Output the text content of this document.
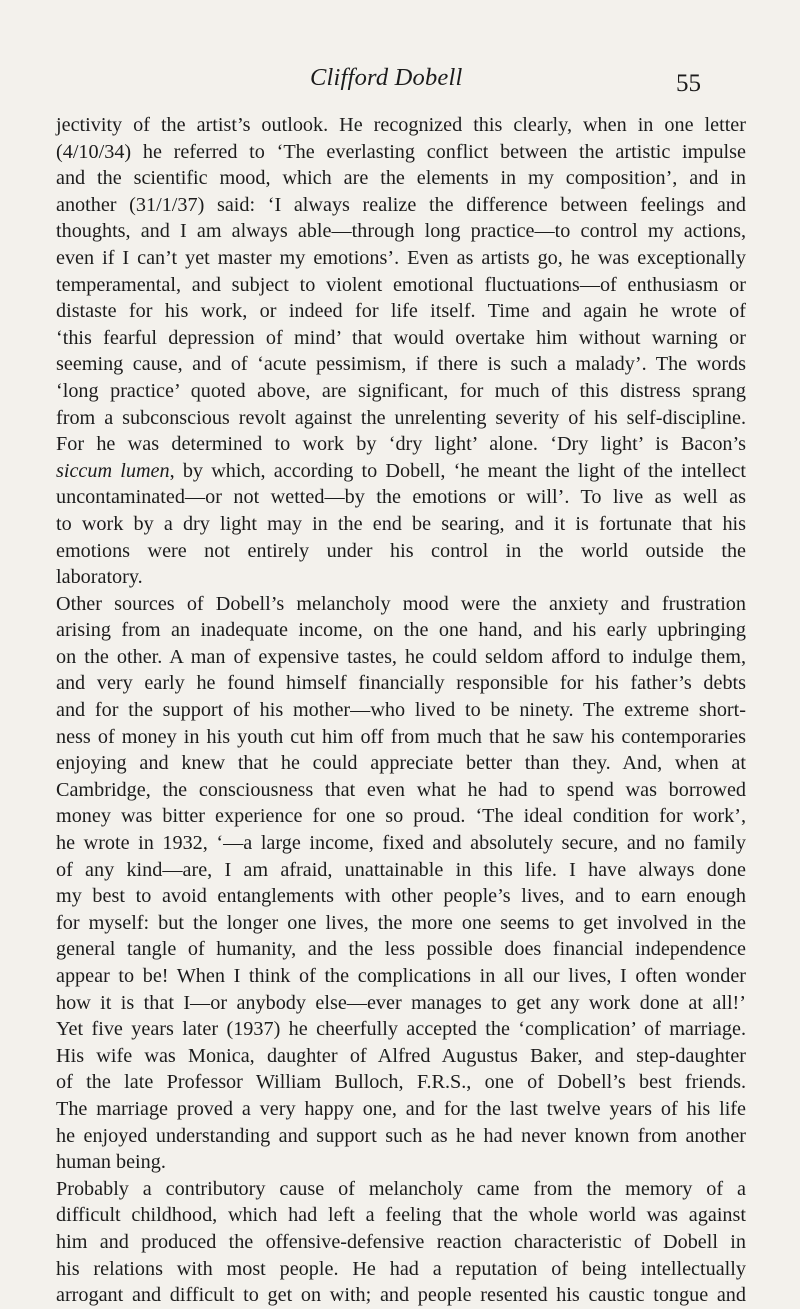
Clifford Dobell	55
jectivity of the artist’s outlook. He recognized this clearly, when in one letter
(4/10/34) he referred to ‘The everlasting conflict between the artistic impulse
and the scientific mood, which are the elements in my composition’, and in
another (31/1/37) said: ‘I always realize the difference between feelings and
thoughts, and I am always able—through long practice—to control my actions,
even if I can’t yet master my emotions’. Even as artists go, he was exceptionally
temperamental, and subject to violent emotional fluctuations—of enthusiasm or
distaste for his work, or indeed for life itself. Time and again he wrote of
‘this fearful depression of mind’ that would overtake him without warning or
seeming cause, and of ‘acute pessimism, if there is such a malady’. The words
‘long practice’ quoted above, are significant, for much of this distress sprang
from a subconscious revolt against the unrelenting severity of his self-discipline.
For he was determined to work by ‘dry light’ alone. ‘Dry light’ is Bacon’s
siccum lumen, by which, according to Dobell, ‘he meant the light of the intellect
uncontaminated—or not wetted—by the emotions or will’. To live as well as
to work by a dry light may in the end be searing, and it is fortunate that his
emotions were not entirely under his control in the world outside the
laboratory.
Other sources of Dobell’s melancholy mood were the anxiety and frustration
arising from an inadequate income, on the one hand, and his early upbringing
on the other. A man of expensive tastes, he could seldom afford to indulge them,
and very early he found himself financially responsible for his father’s debts
and for the support of his mother—who lived to be ninety. The extreme short-
ness of money in his youth cut him off from much that he saw his contemporaries
enjoying and knew that he could appreciate better than they. And, when at
Cambridge, the consciousness that even what he had to spend was borrowed
money was bitter experience for one so proud. ‘The ideal condition for work’,
he wrote in 1932, ‘—a large income, fixed and absolutely secure, and no family
of any kind—are, I am afraid, unattainable in this life. I have always done
my best to avoid entanglements with other people’s lives, and to earn enough
for myself: but the longer one lives, the more one seems to get involved in the
general tangle of humanity, and the less possible does financial independence
appear to be! When I think of the complications in all our lives, I often wonder
how it is that I—or anybody else—ever manages to get any work done at all!’
Yet five years later (1937) he cheerfully accepted the ‘complication’ of marriage.
His wife was Monica, daughter of Alfred Augustus Baker, and step-daughter
of the late Professor William Bulloch, F.R.S., one of Dobell’s best friends.
The marriage proved a very happy one, and for the last twelve years of his life
he enjoyed understanding and support such as he had never known from another
human being.
Probably a contributory cause of melancholy came from the memory of a
difficult childhood, which had left a feeling that the whole world was against
him and produced the offensive-defensive reaction characteristic of Dobell in
his relations with most people. He had a reputation of being intellectually
arrogant and difficult to get on with; and people resented his caustic tongue and
